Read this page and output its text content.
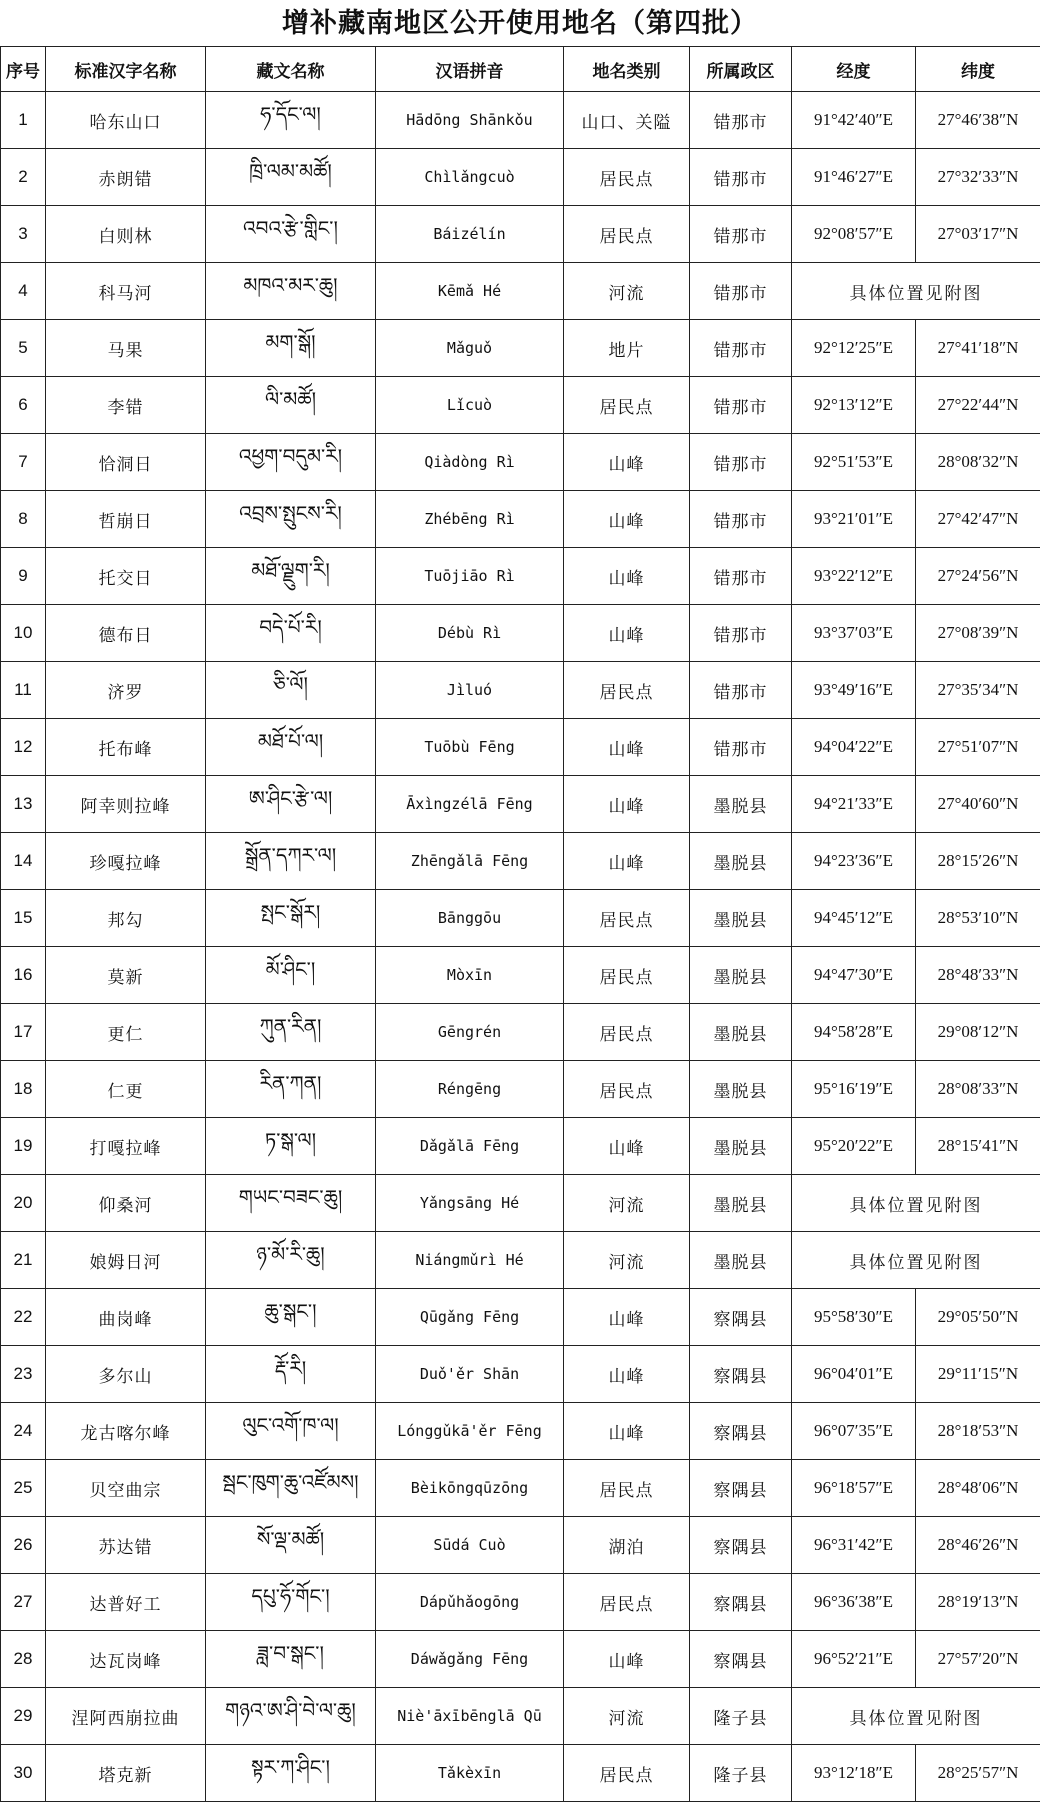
增补藏南地区公开使用地名（第四批）
序号	标准汉字名称	藏文名称	汉语拼音	地名类别	所属政区	经度	纬度
1	哈东山口	ཧ་དོང་ལ།	Hādōng Shānkǒu	山口、关隘	错那市	91°42′40″E	27°46′38″N
2	赤朗错	ཁྲི་ལམ་མཚོ།	Chìlǎngcuò	居民点	错那市	91°46′27″E	27°32′33″N
3	白则林	འབའ་རྩེ་གླིང་།	Báizélín	居民点	错那市	92°08′57″E	27°03′17″N
4	科马河	མཁའ་མར་ཆུ།	Kēmǎ Hé	河流	错那市	具体位置见附图	
5	马果	མག་སྒོ།	Mǎguǒ	地片	错那市	92°12′25″E	27°41′18″N
6	李错	ལི་མཚོ།	Lǐcuò	居民点	错那市	92°13′12″E	27°22′44″N
7	恰洞日	འཕྱག་བདུམ་རི།	Qiàdòng Rì	山峰	错那市	92°51′53″E	28°08′32″N
8	哲崩日	འབྲས་སྤུངས་རི།	Zhébēng Rì	山峰	错那市	93°21′01″E	27°42′47″N
9	托交日	མཐོ་ལྗུག་རི།	Tuōjiāo Rì	山峰	错那市	93°22′12″E	27°24′56″N
10	德布日	བདེ་པོ་རི།	Débù Rì	山峰	错那市	93°37′03″E	27°08′39″N
11	济罗	ཅི་ལོ།	Jìluó	居民点	错那市	93°49′16″E	27°35′34″N
12	托布峰	མཐོ་པོ་ལ།	Tuōbù Fēng	山峰	错那市	94°04′22″E	27°51′07″N
13	阿幸则拉峰	ཨ་ཤིང་རྩེ་ལ།	Āxìngzélā Fēng	山峰	墨脱县	94°21′33″E	27°40′60″N
14	珍嘎拉峰	སྒྲོན་དཀར་ལ།	Zhēngǎlā Fēng	山峰	墨脱县	94°23′36″E	28°15′26″N
15	邦勾	སྤང་སྒོར།	Bānggōu	居民点	墨脱县	94°45′12″E	28°53′10″N
16	莫新	མོ་ཤིང་།	Mòxīn	居民点	墨脱县	94°47′30″E	28°48′33″N
17	更仁	ཀུན་རིན།	Gēngrén	居民点	墨脱县	94°58′28″E	29°08′12″N
18	仁更	རིན་ཀན།	Réngēng	居民点	墨脱县	95°16′19″E	28°08′33″N
19	打嘎拉峰	ཏ་སྒ་ལ།	Dǎgǎlā Fēng	山峰	墨脱县	95°20′22″E	28°15′41″N
20	仰桑河	གཡང་བཟང་ཆུ།	Yǎngsāng Hé	河流	墨脱县	具体位置见附图	
21	娘姆日河	ཉ་མོ་རི་ཆུ།	Niángmǔrì Hé	河流	墨脱县	具体位置见附图	
22	曲岗峰	ཆུ་སྒང་།	Qūgǎng Fēng	山峰	察隅县	95°58′30″E	29°05′50″N
23	多尔山	རྡོ་རི།	Duǒ'ěr Shān	山峰	察隅县	96°04′01″E	29°11′15″N
24	龙古喀尔峰	ལུང་འགོ་ཁ་ལ།	Lónggǔkā'ěr Fēng	山峰	察隅县	96°07′35″E	28°18′53″N
25	贝空曲宗	སྦང་ཁུག་ཆུ་འཛོམས།	Bèikōngqūzōng	居民点	察隅县	96°18′57″E	28°48′06″N
26	苏达错	སོ་ལྡ་མཚོ།	Sūdá Cuò	湖泊	察隅县	96°31′42″E	28°46′26″N
27	达普好工	དཔུ་ཧོ་གོང་།	Dápǔhǎogōng	居民点	察隅县	96°36′38″E	28°19′13″N
28	达瓦岗峰	ཟླ་བ་སྒང་།	Dáwǎgǎng Fēng	山峰	察隅县	96°52′21″E	27°57′20″N
29	涅阿西崩拉曲	གཉའ་ཨ་ཤི་བེ་ལ་ཆུ།	Niè'āxībēnglā Qū	河流	隆子县	具体位置见附图	
30	塔克新	སྟར་ཀ་ཤིང་།	Tǎkèxīn	居民点	隆子县	93°12′18″E	28°25′57″N
